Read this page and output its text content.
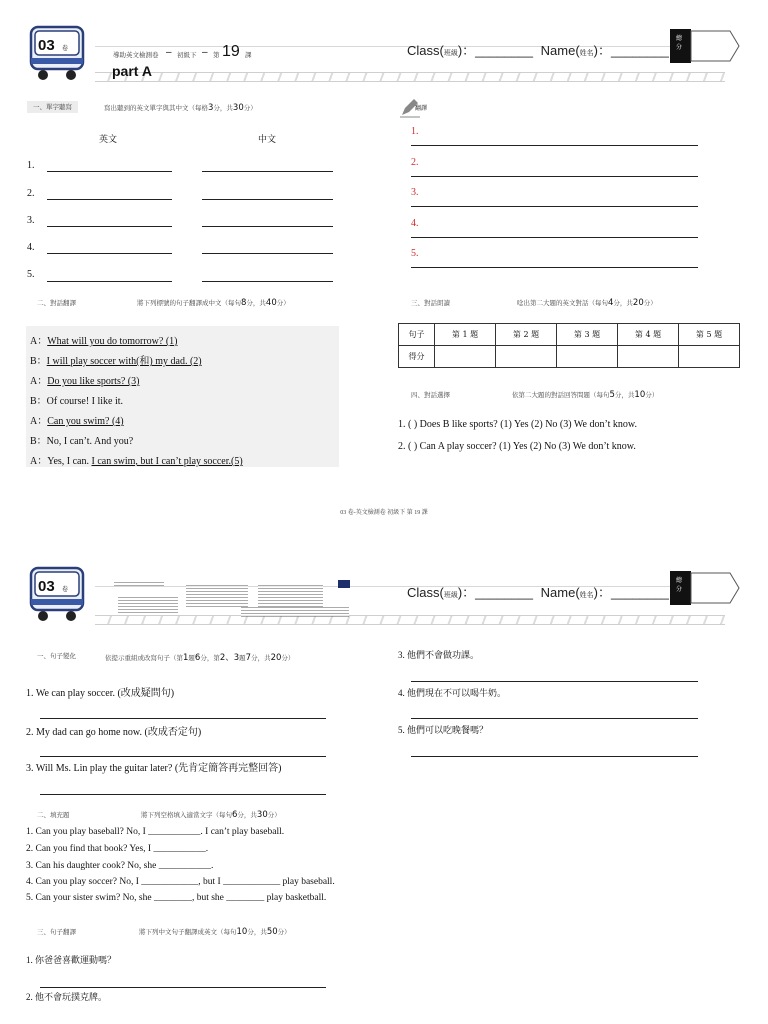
03 卷
導助英文檢測卷 – 初級下 – 第 19 課
part A
Class(班級)：________ Name(姓名)：________
總分
一、單字聽寫	寫出聽到的英文單字與其中文（每格3分，共30分）
英文	中文
1.
2.
3.
4.
5.
翻譯
1.
2.
3.
4.
5.
二、對話翻譯	將下列標號的句子翻譯成中文（每句8分，共40分）
A：What will you do tomorrow? (1)
B：I will play soccer with(和) my dad. (2)
A：Do you like sports? (3)
B：Of course! I like it.
A：Can you swim? (4)
B：No, I can’t. And you?
A：Yes, I can. I can swim, but I can’t play soccer.(5)
三、對話朗讀	唸出第二大題的英文對話（每句4分，共20分）
句子	第 1 題	第 2 題	第 3 題	第 4 題	第 5 題
得分					
四、對話選擇	依第二大題的對話回答問題（每句5分，共10分）
1. ( ) Does B like sports? (1) Yes (2) No (3) We don’t know.
2. ( ) Can A play soccer? (1) Yes (2) No (3) We don’t know.
03 卷-英文檢測卷 初級下 第 19 課
03 卷	Class(班級)：________ Name(姓名)：________
總分
一、句子變化	依提示重組或改寫句子（第1題6分，第2、3題7分，共20分）
1. We can play soccer. (改成疑問句)
2. My dad can go home now. (改成否定句)
3. Will Ms. Lin play the guitar later? (先肯定簡答再完整回答)
二、填充題	將下列空格填入適當文字（每句6分，共30分）
1. Can you play baseball? No, I ___________. I can’t play baseball.
2. Can you find that book? Yes, I ___________.
3. Can his daughter cook? No, she ___________.
4. Can you play soccer? No, I ____________, but I ____________ play baseball.
5. Can your sister swim? No, she ________, but she ________ play basketball.
三、句子翻譯	將下列中文句子翻譯成英文（每句10分，共50分）
1. 你爸爸喜歡運動嗎？
2. 他不會玩撲克牌。
3. 他們不會做功課。
4. 他們現在不可以喝牛奶。
5. 他們可以吃晚餐嗎？
